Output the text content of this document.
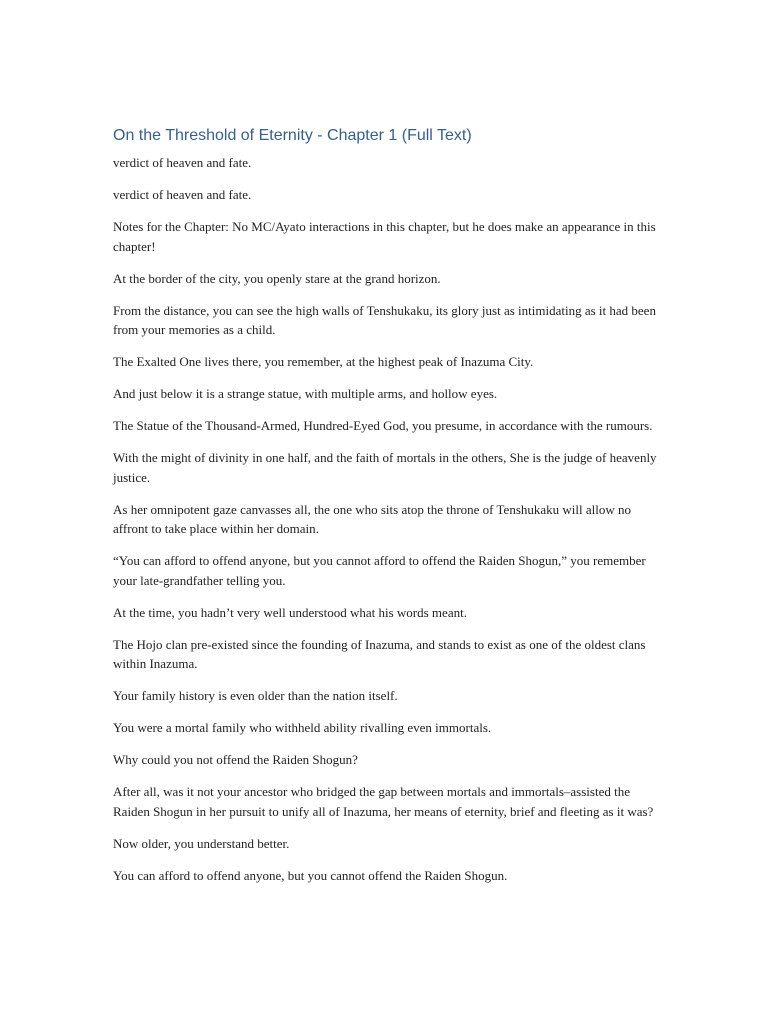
On the Threshold of Eternity - Chapter 1 (Full Text)

verdict of heaven and fate.

verdict of heaven and fate.

Notes for the Chapter: No MC/Ayato interactions in this chapter, but he does make an appearance in this chapter!

At the border of the city, you openly stare at the grand horizon.

From the distance, you can see the high walls of Tenshukaku, its glory just as intimidating as it had been from your memories as a child.

The Exalted One lives there, you remember, at the highest peak of Inazuma City.

And just below it is a strange statue, with multiple arms, and hollow eyes.

The Statue of the Thousand-Armed, Hundred-Eyed God, you presume, in accordance with the rumours.

With the might of divinity in one half, and the faith of mortals in the others, She is the judge of heavenly justice.

As her omnipotent gaze canvasses all, the one who sits atop the throne of Tenshukaku will allow no affront to take place within her domain.

“You can afford to offend anyone, but you cannot afford to offend the Raiden Shogun,” you remember your late-grandfather telling you.

At the time, you hadn’t very well understood what his words meant.

The Hojo clan pre-existed since the founding of Inazuma, and stands to exist as one of the oldest clans within Inazuma.

Your family history is even older than the nation itself.

You were a mortal family who withheld ability rivalling even immortals.

Why could you not offend the Raiden Shogun?

After all, was it not your ancestor who bridged the gap between mortals and immortals–assisted the Raiden Shogun in her pursuit to unify all of Inazuma, her means of eternity, brief and fleeting as it was?

Now older, you understand better.

You can afford to offend anyone, but you cannot offend the Raiden Shogun.
